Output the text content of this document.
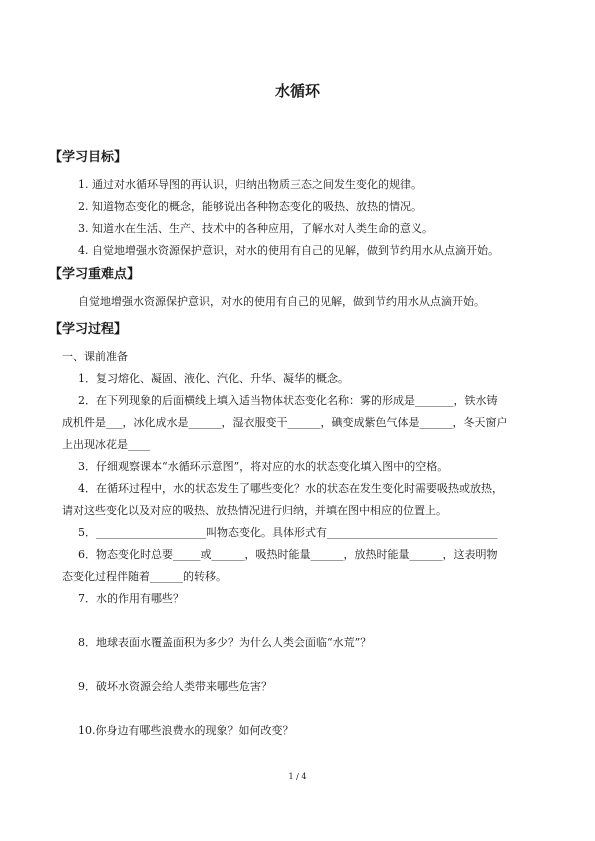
水循环
【学习目标】
1. 通过对水循环导图的再认识，归纳出物质三态之间发生变化的规律。
2. 知道物态变化的概念，能够说出各种物态变化的吸热、放热的情况。
3. 知道水在生活、生产、技术中的各种应用，了解水对人类生命的意义。
4. 自觉地增强水资源保护意识，对水的使用有自己的见解，做到节约用水从点滴开始。
【学习重难点】
自觉地增强水资源保护意识，对水的使用有自己的见解，做到节约用水从点滴开始。
【学习过程】
一、课前准备
1．复习熔化、凝固、液化、汽化、升华、凝华的概念。
2．在下列现象的后面横线上填入适当物体状态变化名称：雾的形成是_______，铁水铸
成机件是___，冰化成水是______，湿衣服变干______，碘变成紫色气体是______，冬天窗户
上出现冰花是____
3．仔细观察课本“水循环示意图”，将对应的水的状态变化填入图中的空格。
4．在循环过程中，水的状态发生了哪些变化？水的状态在发生变化时需要吸热或放热，
请对这些变化以及对应的吸热、放热情况进行归纳，并填在图中相应的位置上。
5．____________________叫物态变化。具体形式有_______________________________
6．物态变化时总要_____或______，吸热时能量______，放热时能量______，这表明物
态变化过程伴随着______的转移。
7．水的作用有哪些？
8．地球表面水覆盖面积为多少？为什么人类会面临“水荒”？
9．破坏水资源会给人类带来哪些危害？
10.你身边有哪些浪费水的现象？如何改变？
1 / 4
